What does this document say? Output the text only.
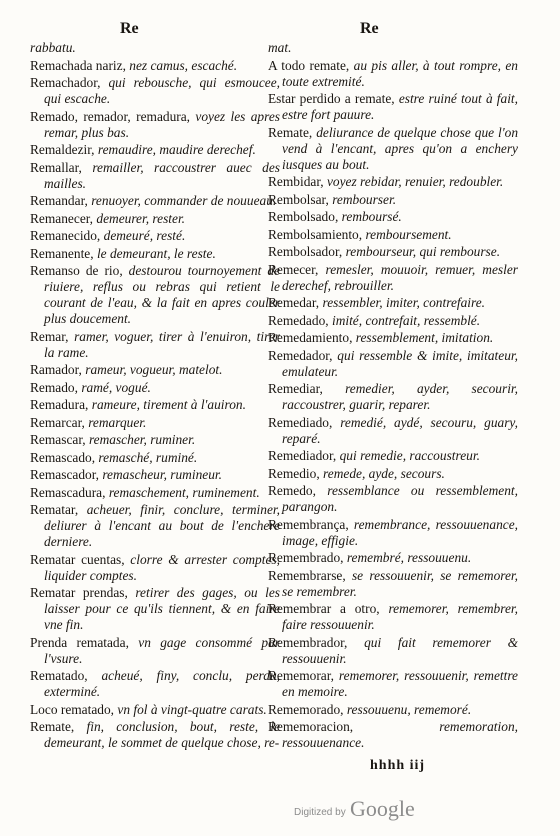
Re	Re

rabbatu.

Remachada nariz, nez camus, escaché.

Remachador, qui rebousche, qui esmoucee, qui escache.

Remado, remador, remadura, voyez les apres remar, plus bas.

Remaldezir, remaudire, maudire derechef.

Remallar, remailler, raccoustrer auec des mailles.

Remandar, renuoyer, commander de nouueau.

Remanecer, demeurer, rester.

Remanecido, demeuré, resté.

Remanente, le demeurant, le reste.

Remanso de rio, destourou tournoyement de riuiere, reflus ou rebras qui retient le courant de l'eau, & la fait en apres couler plus doucement.

Remar, ramer, voguer, tirer à l'enuiron, tirer la rame.

Ramador, rameur, vogueur, matelot.

Remado, ramé, vogué.

Remadura, rameure, tirement à l'auiron.

Remarcar, remarquer.

Remascar, remascher, ruminer.

Remascado, remasché, ruminé.

Remascador, remascheur, rumineur.

Remascadura, remaschement, ruminement.

Rematar, acheuer, finir, conclure, terminer, deliurer à l'encant au bout de l'enchere derniere.

Rematar cuentas, clorre & arrester comptes, liquider comptes.

Rematar prendas, retirer des gages, ou les laisser pour ce qu'ils tiennent, & en faire vne fin.

Prenda rematada, vn gage consommé par l'vsure.

Rematado, acheué, finy, conclu, perdu, exterminé.

Loco rematado, vn fol à vingt-quatre carats.

Remate, fin, conclusion, bout, reste, le demeurant, le sommet de quelque chose, re-

mat.

A todo remate, au pis aller, à tout rompre, en toute extremité.

Estar perdido a remate, estre ruiné tout à fait, estre fort pauure.

Remate, deliurance de quelque chose que l'on vend à l'encant, apres qu'on a enchery iusques au bout.

Rembidar, voyez rebidar, renuier, redoubler.

Rembolsar, rembourser.

Rembolsado, remboursé.

Rembolsamiento, remboursement.

Rembolsador, rembourseur, qui rembourse.

Remecer, remesler, mouuoir, remuer, mesler derechef, rebrouiller.

Remedar, ressembler, imiter, contrefaire.

Remedado, imité, contrefait, ressemblé.

Remedamiento, ressemblement, imitation.

Remedador, qui ressemble & imite, imitateur, emulateur.

Remediar, remedier, ayder, secourir, raccoustrer, guarir, reparer.

Remediado, remedié, aydé, secouru, guary, reparé.

Remediador, qui remedie, raccoustreur.

Remedio, remede, ayde, secours.

Remedo, ressemblance ou ressemblement, parangon.

Remembrança, remembrance, ressouuenance, image, effigie.

Remembrado, remembré, ressouuenu.

Remembrarse, se ressouuenir, se rememorer, se remembrer.

Remembrar a otro, rememorer, remembrer, faire ressouuenir.

Remembrador, qui fait rememorer & ressouuenir.

Rememorar, rememorer, ressouuenir, remettre en memoire.

Rememorado, ressouuenu, rememoré.

Rememoracion, rememoration, ressouuenance.

hhhh iij
Digitized by Google
